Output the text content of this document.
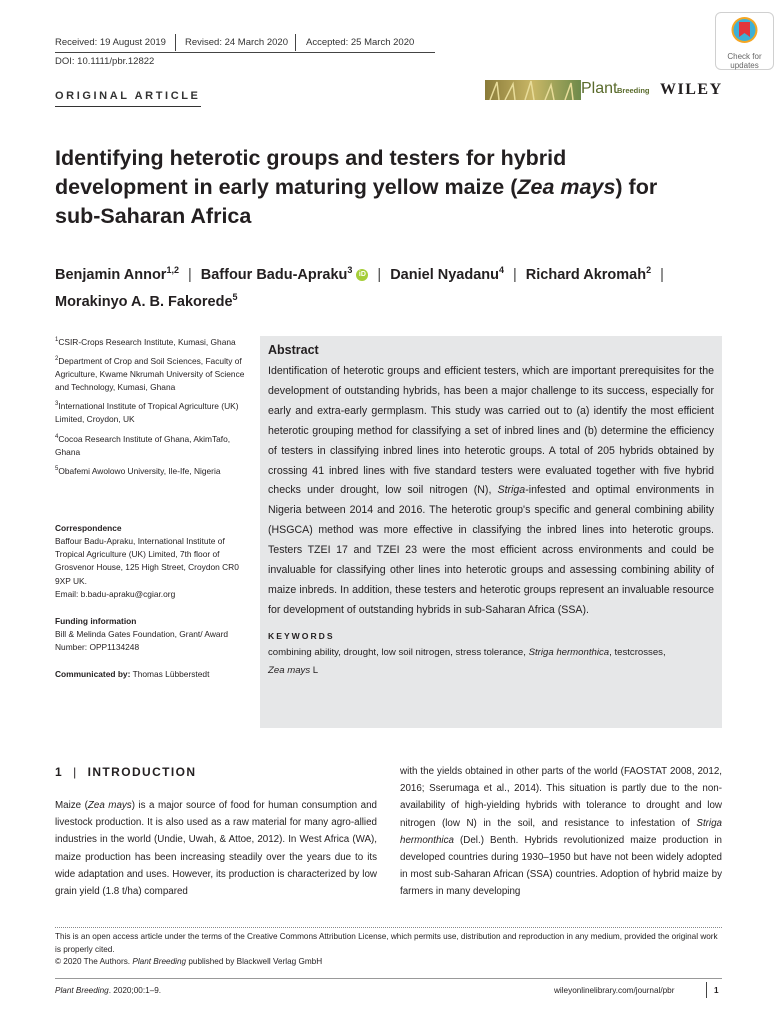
Received: 19 August 2019 Revised: 24 March 2020 Accepted: 25 March 2020
DOI: 10.1111/pbr.12822	Check for
updates
ORIGINAL ARTICLE	Plant Breeding WILEY
Identifying heterotic groups and testers for hybrid
development in early maturing yellow maize (Zea mays) for
sub-Saharan Africa
Benjamin Annor$^{1,2}$ | Baffour Badu-Apraku$^3$ iD | Daniel Nyadanu$^4$ | Richard Akromah$^2$ |
Morakinyo A. B. Fakorede$^5$

$^1$CSIR-Crops Research Institute, Kumasi, Ghana

$^2$Department of Crop and Soil Sciences, Faculty of Agriculture, Kwame Nkrumah University of Science and Technology, Kumasi, Ghana

$^3$International Institute of Tropical Agriculture (UK) Limited, Croydon, UK

$^4$Cocoa Research Institute of Ghana, AkimTafo, Ghana

$^5$Obafemi Awolowo University, Ile-Ife, Nigeria

Correspondence
Baffour Badu-Apraku, International Institute of Tropical Agriculture (UK) Limited, 7th floor of Grosvenor House, 125 High Street, Croydon CR0 9XP UK.
Email: b.badu-apraku@cgiar.org
Funding information
Bill & Melinda Gates Foundation, Grant/ Award Number: OPP1134248
Communicated by: Thomas Lübberstedt
Abstract
Identification of heterotic groups and efficient testers, which are important prerequisites for the development of outstanding hybrids, has been a major challenge to its success, especially for early and extra-early germplasm. This study was carried out to (a) identify the most efficient heterotic grouping method for classifying a set of inbred lines and (b) determine the efficiency of testers in classifying inbred lines into heterotic groups. A total of 205 hybrids obtained by crossing 41 inbred lines with five standard testers were evaluated together with five hybrid checks under drought, low soil nitrogen (N), Striga-infested and optimal environments in Nigeria between 2014 and 2016. The heterotic group's specific and general combining ability (HSGCA) method was more effective in classifying the inbred lines into heterotic groups. Testers TZEI 17 and TZEI 23 were the most efficient across environments and could be invaluable for classifying other lines into heterotic groups and assessing combining ability of maize inbreds. In addition, these testers and heterotic groups represent an invaluable resource for development of outstanding hybrids in sub-Saharan Africa (SSA).
KEYWORDS
combining ability, drought, low soil nitrogen, stress tolerance, Striga hermonthica, testcrosses,
Zea mays L
1 | INTRODUCTION
Maize (Zea mays) is a major source of food for human consumption and livestock production. It is also used as a raw material for many agro-allied industries in the world (Undie, Uwah, & Attoe, 2012). In West Africa (WA), maize production has been increasing steadily over the years due to its wide adaptation and uses. However, its production is characterized by low grain yield (1.8 t/ha) compared
with the yields obtained in other parts of the world (FAOSTAT 2008, 2012, 2016; Sserumaga et al., 2014). This situation is partly due to the non-availability of high-yielding hybrids with tolerance to drought and low nitrogen (low N) in the soil, and resistance to infestation of Striga hermonthica (Del.) Benth. Hybrids revolutionized maize production in developed countries during 1930–1950 but have not been widely adopted in most sub-Saharan African (SSA) countries. Adoption of hybrid maize by farmers in many developing
This is an open access article under the terms of the Creative Commons Attribution License, which permits use, distribution and reproduction in any medium, provided the original work is properly cited.
© 2020 The Authors. Plant Breeding published by Blackwell Verlag GmbH
Plant Breeding. 2020;00:1–9.	wileyonlinelibrary.com/journal/pbr	1
